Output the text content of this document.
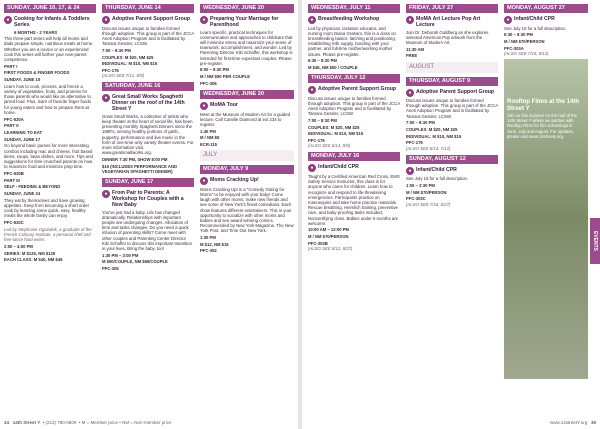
SUNDAY, JUNE 10, 17, & 24
● Cooking for Infants & Toddlers Series
6 MONTHS - 2 YEARS
This three-part series will help all moms and dads prepare simple, nutritious meals at home. Whether you are a novice or an experienced cook this series will further your new-parent competence.
PART I
FIRST FOODS & FINGER FOODS
SUNDAY, JUNE 10
Learn how to cook, process, and freeze a variety of vegetables, fruits, and proteins for those parents who would like an alternative to jarred food. Plus, learn of favorite finger foods for young eaters and how to prepare them at home.
PFC-520A
PART II
LEARNING TO EAT
SUNDAY, JUNE 17
Go beyond basic purees for more interesting combos including mac and cheese, fruit based items, soups, bean dishes, and more. Tips and suggestions for time-crunched parents on how to maximize food and minimize prep time.
PFC-520B
PART III
SELF - FEEDING & BEYOND
SUNDAY, JUNE 24
They eat by themselves and have growing appetites. Keep from becoming a short order cook by learning some quick, easy, healthy meals the whole family can enjoy.
PFC-520C
Led by Stephanie Ogozalek, a graduate of the French Culinary Institute, a personal chef and free-lance food writer.
2:00 – 4:00 PM
SERIES: M $125, NM $125
EACH CLASS: M $40, NM $45
THURSDAY, JUNE 14
● Adoptive Parent Support Group
Discuss issues unique to families formed through adoption. This group is part of the JCCA Aneti Adoption Program and is facilitated by Tamara Gessler, LCSW.
7:00 – 8:30 PM
COUPLES: M $20, NM $25
INDIVIDUAL: M $10, NM $15
PFC-176
(ALSO SEE 7/12, 8/9)
SATURDAY, JUNE 16
● Great Small Works Spaghetti Dinner on the roof of the 14th Street Y
Great Small Works, a collective of artists who keep theater at the heart of social life, has been presenting monthly Spaghetti Dinners since the 1980's, serving healthy portions of garlic, puppetry, performance and live music in the form of one-time-only variety theater events. For more information visit, www.greatsmallworks.org.
DINNER 7:30 PM, SHOW 8:00 PM
$15 (INCLUDES PERFORMANCE AND VEGETARIAN SPAGHETTI DINNER)
SUNDAY, JUNE 17
● From Pair to Parents: A Workshop for Couples with a New Baby
You've just had a baby. Life has changed dramatically. Relationships with important people are undergoing changes. Allocation of time and tasks changes. Do you need a quick infusion of parenting skills? Come meet with other couples and Parenting Center Director Kiki Schaffer to discuss this important transition in your lives. Bring the baby, too!
1:30 PM – 3:00 PM
M $50/COUPLE, NM $65/COUPLE
PFC-305
WEDNESDAY, JUNE 20
● Preparing Your Marriage for Parenthood
Learn specific, practical techniques for communication and approaches to childcare that will minimize stress and maximize your sense of teamwork, accomplishment, and wonder. Led by Parenting Director Kiki Schaffer, this workshop is intended for first-time expectant couples. Please pre-register.
8:00 – 9:30 PM
M / NM $50 PER COUPLE
PFC-306
WEDNESDAY, JUNE 20
● MoMA Tour
Meet at the Museum of Modern Art for a guided lecture. Call Camille Diamond at ext 234 to register.
1:40 PM
M / NM $5
ECR-115
JULY
MONDAY, JULY 9
● Moms Cracking Up!
Moms Cracking Up! is a "Comedy Outing for Moms" to be enjoyed with your baby! Come laugh with other moms, make new friends and see some of New York's finest comedians. Each show features different entertainers. This is your opportunity to socialize with other moms and babies and see award-winning comics. Recommended by New York Magazine, The New York Post, and Time Out New York.
1:30 PM
M $12, NM $15
PFC-352
34 14th Street Y  • (212) 780-0800  • M = Member price • NM = Non-member price
WEDNESDAY, JULY 11
● Breastfeeding Workshop
Led by physician, lactation educator, and nursing mom Diana Graham, this is a class on breastfeeding basics, latching and positioning, establishing milk supply, bonding with your partner, and full-time mother/working mother issues. Please pre-register.
6:30 – 8:30 PM
M $45, NM $50 / COUPLE
THURSDAY, JULY 12
● Adoptive Parent Support Group
Discuss issues unique to families formed through adoption. This group is part of the JCCA Aneti Adoption Program and is facilitated by Tamara Gessler, LCSW.
7:00 – 8:30 PM
COUPLES: M $20, NM $25
INDIVIDUAL: M $10, NM $15
PFC-176
(ALSO SEE 6/14, 8/9)
MONDAY, JULY 16
● Infant/Child CPR
Taught by a Certified American Red Cross, EMS Safety Service Instructor, this class is for anyone who cares for children. Learn how to recognize and respond to life-threatening emergencies. Participants practice on mannequins and take home practice materials. Rescue breathing, Heimlich training, preventive care, and baby-proofing tasks included. Noncertifying class. Babies under 6 months are welcome.
10:00 AM – 12:00 PM
M / NM $70/PERSON
PFC-303B
(ALSO SEE 8/12, 8/27)
FRIDAY, JULY 27
● MoMA Art Lecture Pop Art Lecture
Join Dr. Deborah Goldberg as she explores selected American Pop artwork from the Museum of Modern Art.
11:30 AM
FREE
AUGUST
THURSDAY, AUGUST 9
● Adoptive Parent Support Group
Discuss issues unique to families formed through adoption. This group is part of the JCCA Aneti Adoption Program and is facilitated by Tamara Gessler, LCSW.
7:00 – 8:30 PM
COUPLES: M $20, NM $25
INDIVIDUAL: M $10, NM $15
PFC-176
(ALSO SEE 6/14, 7/12)
SUNDAY, AUGUST 12
● Infant/Child CPR
See July 16 for a full description.
1:00 – 3:30 PM
M / NM $70/PERSON
PFC-303C
(ALSO SEE 7/16, 8/27)
MONDAY, AUGUST 27
● Infant/Child CPR
See July 16 for a full description.
6:30 – 8:30 PM
M / NM $70/PERSON
PFC-303A
(ALSO SEE 7/16, 8/12)
Rooftop Films at the 14th Street Y
Join us this summer on the roof of the 14th Street Y where we partner with Rooftop Films for film screenings in June, July and August. For updates, please visit www.14streety.org.
EVENTS
www.14streetY.org 35
